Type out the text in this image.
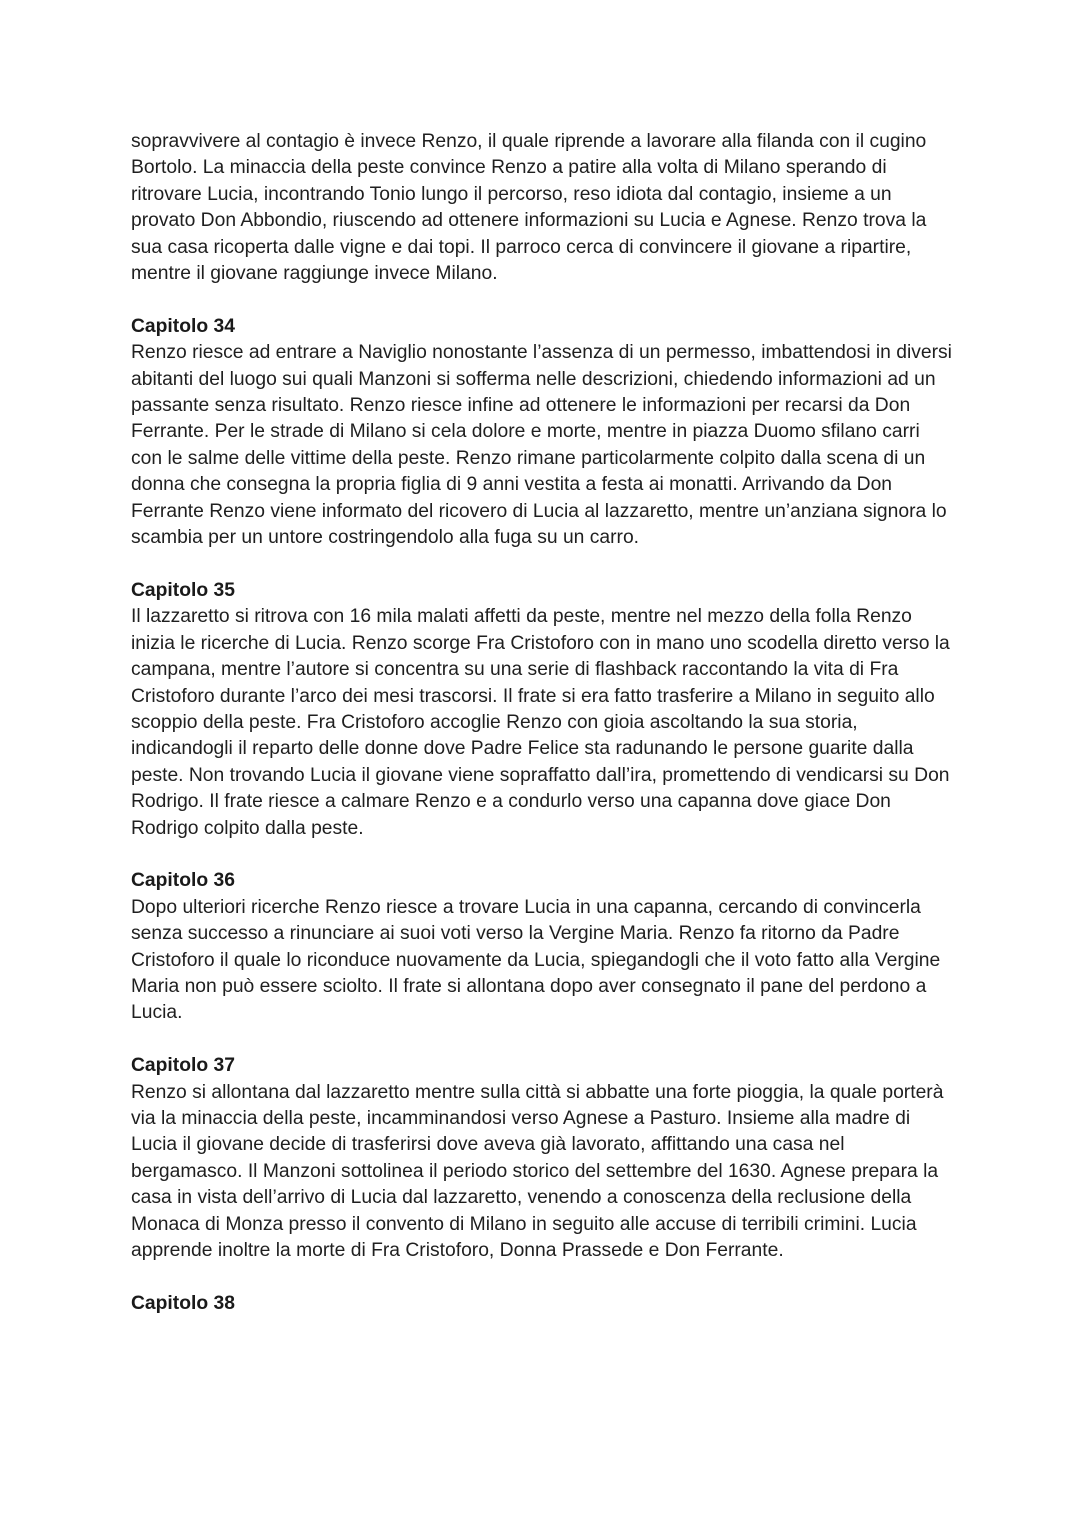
sopravvivere al contagio è invece Renzo, il quale riprende a lavorare alla filanda con il cugino Bortolo. La minaccia della peste convince Renzo a patire alla volta di Milano sperando di ritrovare Lucia, incontrando Tonio lungo il percorso, reso idiota dal contagio, insieme a un provato Don Abbondio, riuscendo ad ottenere informazioni su Lucia e Agnese. Renzo trova la sua casa ricoperta dalle vigne e dai topi. Il parroco cerca di convincere il giovane a ripartire, mentre il giovane raggiunge invece Milano.

Capitolo 34

Renzo riesce ad entrare a Naviglio nonostante l’assenza di un permesso, imbattendosi in diversi abitanti del luogo sui quali Manzoni si sofferma nelle descrizioni, chiedendo informazioni ad un passante senza risultato. Renzo riesce infine ad ottenere le informazioni per recarsi da Don Ferrante. Per le strade di Milano si cela dolore e morte, mentre in piazza Duomo sfilano carri con le salme delle vittime della peste. Renzo rimane particolarmente colpito dalla scena di un donna che consegna la propria figlia di 9 anni vestita a festa ai monatti. Arrivando da Don Ferrante Renzo viene informato del ricovero di Lucia al lazzaretto, mentre un’anziana signora lo scambia per un untore costringendolo alla fuga su un carro.

Capitolo 35

Il lazzaretto si ritrova con 16 mila malati affetti da peste, mentre nel mezzo della folla Renzo inizia le ricerche di Lucia. Renzo scorge Fra Cristoforo con in mano uno scodella diretto verso la campana, mentre l’autore si concentra su una serie di flashback raccontando la vita di Fra Cristoforo durante l’arco dei mesi trascorsi. Il frate si era fatto trasferire a Milano in seguito allo scoppio della peste. Fra Cristoforo accoglie Renzo con gioia ascoltando la sua storia, indicandogli il reparto delle donne dove Padre Felice sta radunando le persone guarite dalla peste. Non trovando Lucia il giovane viene sopraffatto dall’ira, promettendo di vendicarsi su Don Rodrigo. Il frate riesce a calmare Renzo e a condurlo verso una capanna dove giace Don Rodrigo colpito dalla peste.

Capitolo 36

Dopo ulteriori ricerche Renzo riesce a trovare Lucia in una capanna, cercando di convincerla senza successo a rinunciare ai suoi voti verso la Vergine Maria. Renzo fa ritorno da Padre Cristoforo il quale lo riconduce nuovamente da Lucia, spiegandogli che il voto fatto alla Vergine Maria non può essere sciolto. Il frate si allontana dopo aver consegnato il pane del perdono a Lucia.

Capitolo 37

Renzo si allontana dal lazzaretto mentre sulla città si abbatte una forte pioggia, la quale porterà via la minaccia della peste, incamminandosi verso Agnese a Pasturo. Insieme alla madre di Lucia il giovane decide di trasferirsi dove aveva già lavorato, affittando una casa nel bergamasco. Il Manzoni sottolinea il periodo storico del settembre del 1630. Agnese prepara la casa in vista dell’arrivo di Lucia dal lazzaretto, venendo a conoscenza della reclusione della Monaca di Monza presso il convento di Milano in seguito alle accuse di terribili crimini. Lucia apprende inoltre la morte di Fra Cristoforo, Donna Prassede e Don Ferrante.

Capitolo 38
